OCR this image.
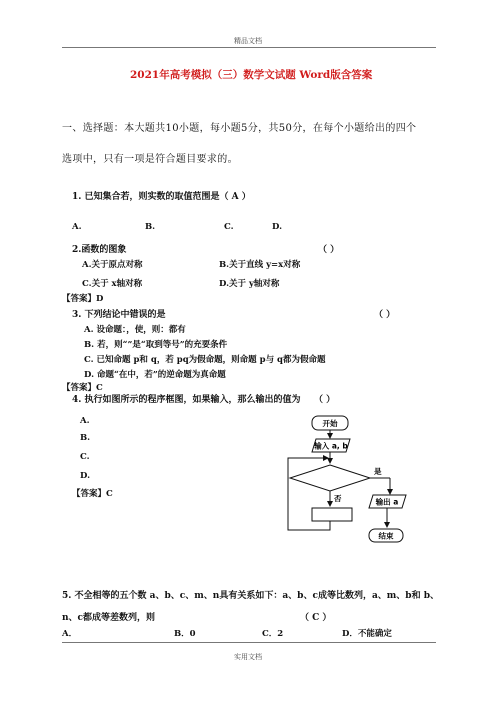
精品文档
2021年高考模拟（三）数学文试题 Word版含答案
一、选择题：本大题共10小题，每小题5分，共50分，在每个小题给出的四个
选项中，只有一项是符合题目要求的。
1. 已知集合若，则实数的取值范围是（ A ）
A.	B.	C.	D.
2.函数的图象	（ ）
A.关于原点对称	B.关于直线 y=x对称
C.关于 x轴对称	D.关于 y轴对称
【答案】D
3. 下列结论中错误的是	（ ）
A. 设命题：，使，则：都有
B. 若，则“”是“取到等号”的充要条件
C. 已知命题 p和 q，若 pq为假命题，则命题 p与 q都为假命题
D. 命题“在中，若”的逆命题为真命题
【答案】C
4. 执行如图所示的程序框图，如果输入，那么输出的值为 （ ）
A.
B.
C.
D.
【答案】C
开始
输入 a, b
是
输出 a
结束
否
5. 不全相等的五个数 a、b、c、m、n具有关系如下：a、b、c成等比数列，a、m、b和 b、
n、c都成等差数列，则	（ C ）
A．	B．0	C．2	D．不能确定
实用文档
